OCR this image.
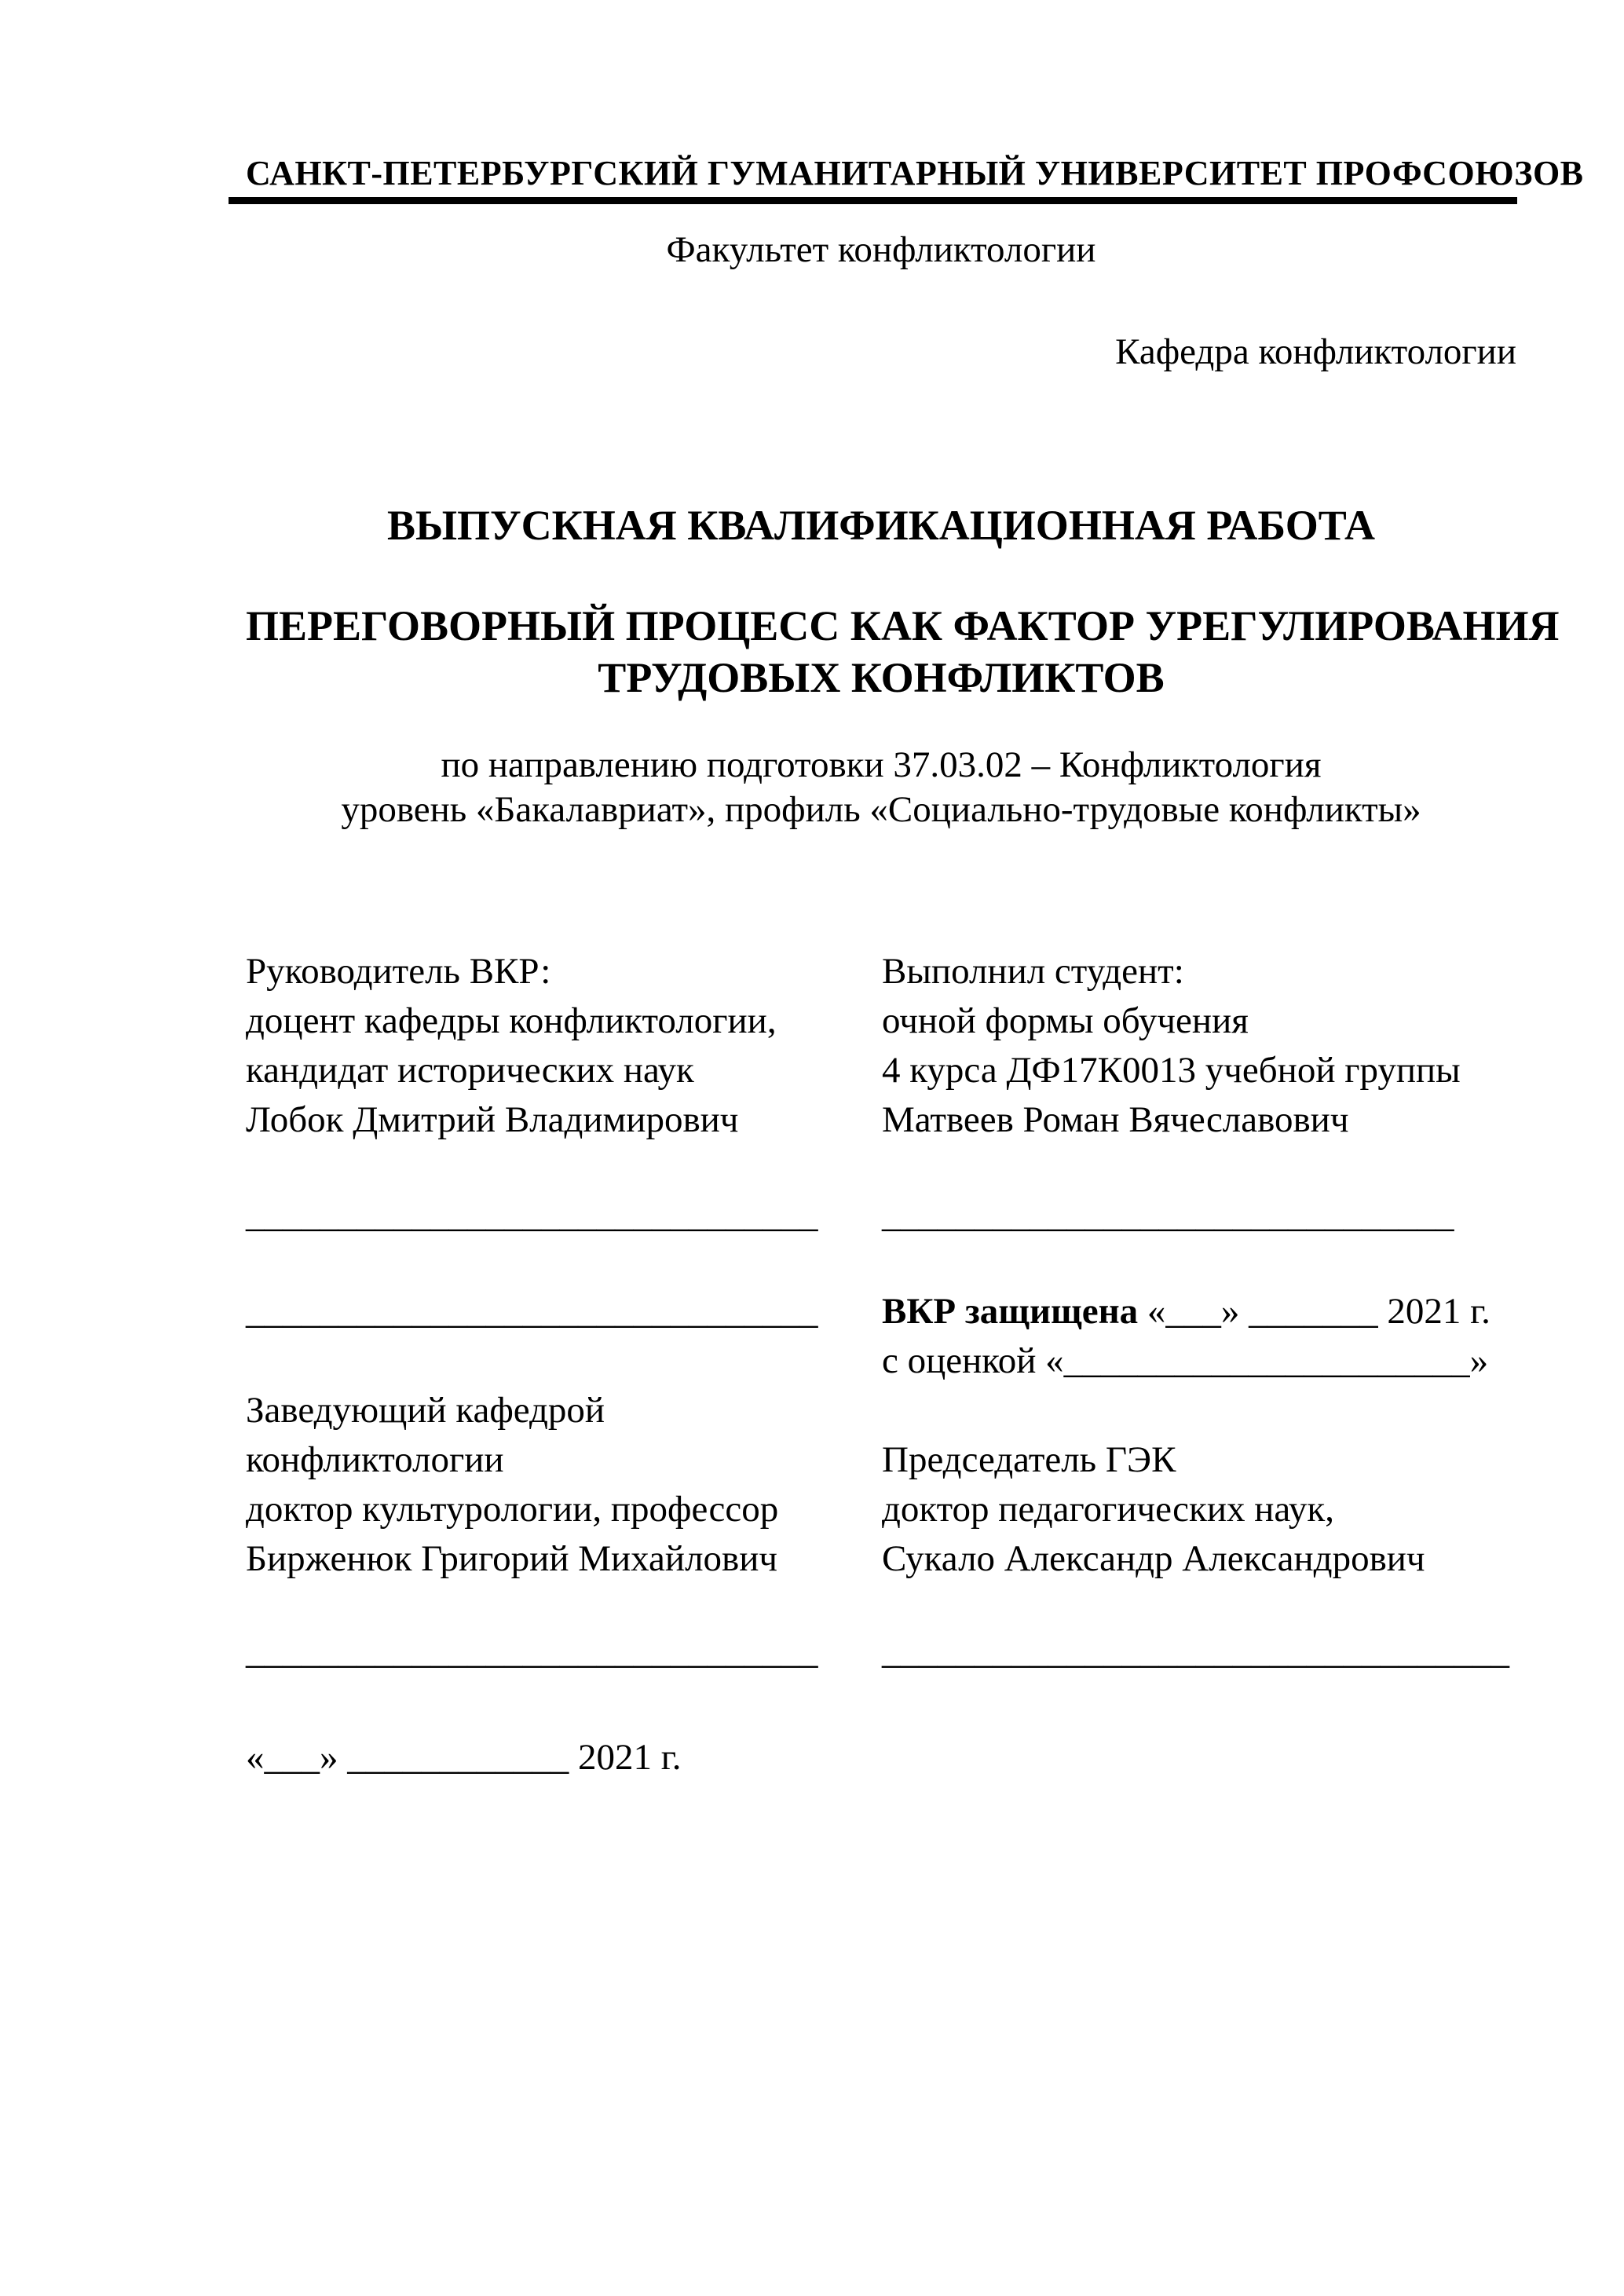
САНКТ-ПЕТЕРБУРГСКИЙ ГУМАНИТАРНЫЙ УНИВЕРСИТЕТ ПРОФСОЮЗОВ
Факультет конфликтологии
Кафедра конфликтологии
ВЫПУСКНАЯ КВАЛИФИКАЦИОННАЯ РАБОТА
ПЕРЕГОВОРНЫЙ ПРОЦЕСС КАК ФАКТОР УРЕГУЛИРОВАНИЯ
ТРУДОВЫХ КОНФЛИКТОВ
по направлению подготовки 37.03.02 – Конфликтология
уровень «Бакалавриат», профиль «Социально-трудовые конфликты»
Руководитель ВКР:
доцент кафедры конфликтологии,
кандидат исторических наук
Лобок Дмитрий Владимирович
Выполнил студент:
очной формы обучения
4 курса ДФ17К0013 учебной группы
Матвеев Роман Вячеславович
_______________________________	_______________________________
_______________________________
Заведующий кафедрой
конфликтологии
доктор культурологии, профессор
Бирженюк Григорий Михайлович
ВКР защищена «___» _______ 2021 г.
с оценкой «______________________»
Председатель ГЭК
доктор педагогических наук,
Сукало Александр Александрович
_______________________________	__________________________________
«___» ____________ 2021 г.
